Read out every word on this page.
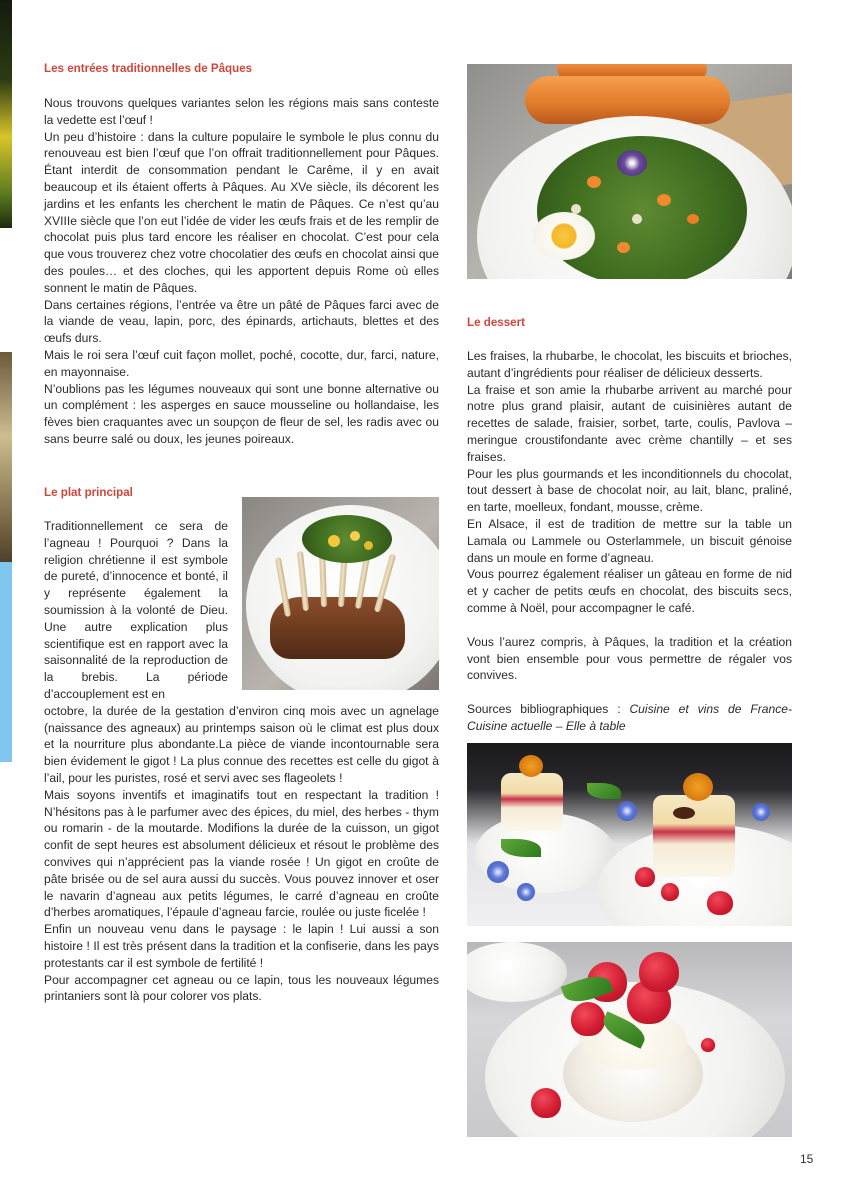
Les entrées traditionnelles de Pâques

Nous trouvons quelques variantes selon les régions mais sans conteste la vedette est l’œuf !

Un peu d’histoire : dans la culture populaire le symbole le plus connu du renouveau est bien l’œuf que l’on offrait traditionnellement pour Pâques. Étant interdit de consommation pendant le Carême, il y en avait beaucoup et ils étaient offerts à Pâques. Au XVe siècle, ils décorent les jardins et les enfants les cherchent le matin de Pâques. Ce n’est qu’au XVIIIe siècle que l’on eut l’idée de vider les œufs frais et de les remplir de chocolat puis plus tard encore les réaliser en chocolat. C’est pour cela que vous trouverez chez votre chocolatier des œufs en chocolat ainsi que des poules… et des cloches, qui les apportent depuis Rome où elles sonnent le matin de Pâques.

Dans certaines régions, l’entrée va être un pâté de Pâques farci avec de la viande de veau, lapin, porc, des épinards, artichauts, blettes et des œufs durs.

Mais le roi sera l’œuf cuit façon mollet, poché, cocotte, dur, farci, nature, en mayonnaise.

N’oublions pas les légumes nouveaux qui sont une bonne alternative ou un complément : les asperges en sauce mousseline ou hollandaise, les fèves bien craquantes avec un soupçon de fleur de sel, les radis avec ou sans beurre salé ou doux, les jeunes poireaux.

Le plat principal

Traditionnellement ce sera de l’agneau ! Pourquoi ? Dans la religion chrétienne il est symbole de pureté, d’innocence et bonté, il y représente également la soumission à la volonté de Dieu. Une autre explication plus scientifique est en rapport avec la saisonnalité de la reproduction de la brebis. La période d’accouplement est en

octobre, la durée de la gestation d’environ cinq mois avec un agnelage (naissance des agneaux) au printemps saison où le climat est plus doux et la nourriture plus abondante.La pièce de viande incontournable sera bien évidement le gigot ! La plus connue des recettes est celle du gigot à l’ail, pour les puristes, rosé et servi avec ses flageolets !

Mais soyons inventifs et imaginatifs tout en respectant la tradition ! N’hésitons pas à le parfumer avec des épices, du miel, des herbes - thym ou romarin - de la moutarde. Modifions la durée de la cuisson, un gigot confit de sept heures est absolument délicieux et résout le problème des convives qui n’apprécient pas la viande rosée ! Un gigot en croûte de pâte brisée ou de sel aura aussi du succès. Vous pouvez innover et oser le navarin d’agneau aux petits légumes, le carré d’agneau en croûte d’herbes aromatiques, l’épaule d’agneau farcie, roulée ou juste ficelée !

Enfin un nouveau venu dans le paysage : le lapin ! Lui aussi a son histoire ! Il est très présent dans la tradition et la confiserie, dans les pays protestants car il est symbole de fertilité !

Pour accompagner cet agneau ou ce lapin, tous les nouveaux légumes printaniers sont là pour colorer vos plats.

Le dessert

Les fraises, la rhubarbe, le chocolat, les biscuits et brioches, autant d’ingrédients pour réaliser de délicieux desserts.

La fraise et son amie la rhubarbe arrivent au marché pour notre plus grand plaisir, autant de cuisinières autant de recettes de salade, fraisier, sorbet, tarte, coulis, Pavlova – meringue croustifondante avec crème chantilly – et ses fraises.

Pour les plus gourmands et les inconditionnels du chocolat, tout dessert à base de chocolat noir, au lait, blanc, praliné, en tarte, moelleux, fondant, mousse, crème.

En Alsace, il est de tradition de mettre sur la table un Lamala ou Lammele ou Osterlammele, un biscuit génoise dans un moule en forme d’agneau.

Vous pourrez également réaliser un gâteau en forme de nid et y cacher de petits œufs en chocolat, des biscuits secs, comme à Noël, pour accompagner le café.

Vous l’aurez compris, à Pâques, la tradition et la création vont bien ensemble pour vous permettre de régaler vos convives.

Sources bibliographiques : Cuisine et vins de France- Cuisine actuelle – Elle à table

15
